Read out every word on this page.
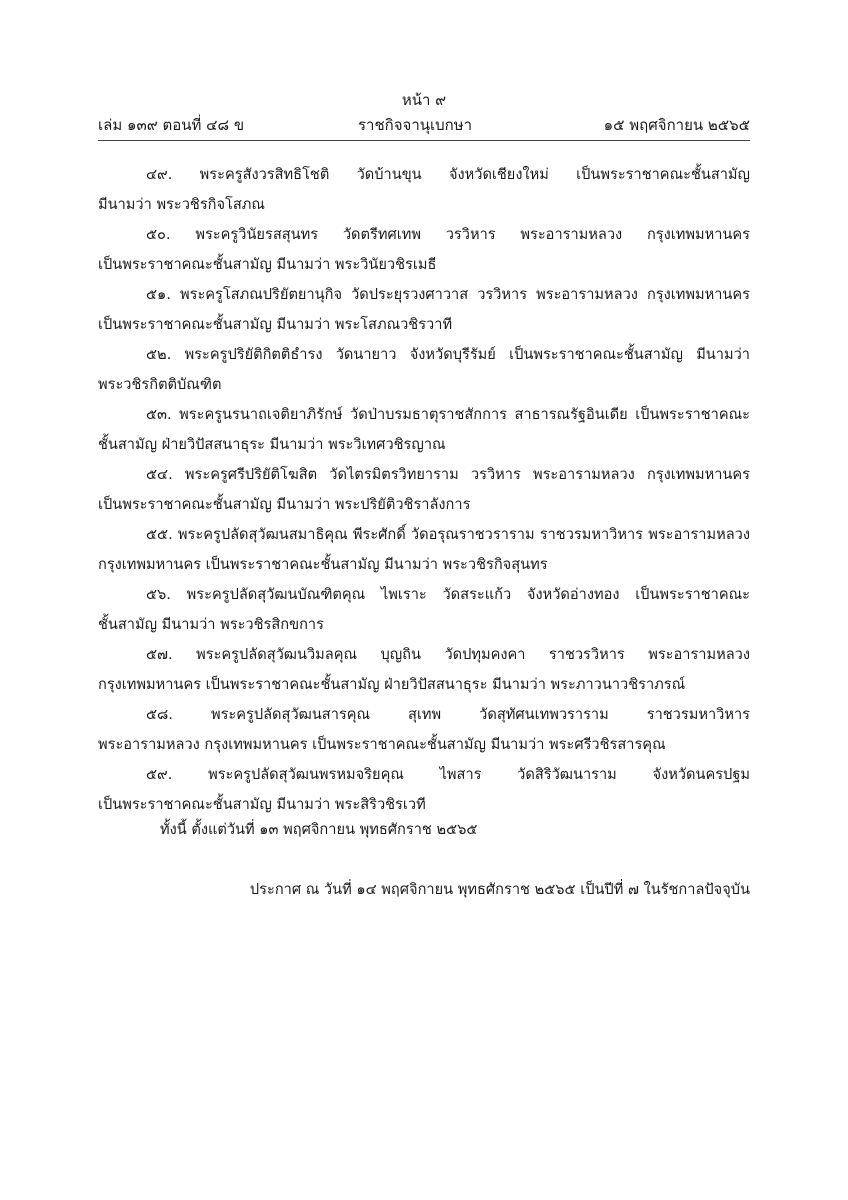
หน้า ๙
เล่ม ๑๓๙ ตอนที่ ๔๘ ข	ราชกิจจานุเบกษา	๑๕ พฤศจิกายน ๒๕๖๕
๔๙. พระครูสังวรสิทธิโชติ วัดบ้านขุน จังหวัดเชียงใหม่ เป็นพระราชาคณะชั้นสามัญ
มีนามว่า พระวชิรกิจโสภณ
๕๐. พระครูวินัยรสสุนทร วัดตรีทศเทพ วรวิหาร พระอารามหลวง กรุงเทพมหานคร
เป็นพระราชาคณะชั้นสามัญ มีนามว่า พระวินัยวชิรเมธี
๕๑. พระครูโสภณปริยัตยานุกิจ วัดประยุรวงศาวาส วรวิหาร พระอารามหลวง กรุงเทพมหานคร
เป็นพระราชาคณะชั้นสามัญ มีนามว่า พระโสภณวชิรวาที
๕๒. พระครูปริยัติกิตติธำรง วัดนายาว จังหวัดบุรีรัมย์ เป็นพระราชาคณะชั้นสามัญ มีนามว่า
พระวชิรกิตติบัณฑิต
๕๓. พระครูนรนาถเจติยาภิรักษ์ วัดป่าบรมธาตุราชสักการ สาธารณรัฐอินเดีย เป็นพระราชาคณะ
ชั้นสามัญ ฝ่ายวิปัสสนาธุระ มีนามว่า พระวิเทศวชิรญาณ
๕๔. พระครูศรีปริยัติโฆสิต วัดไตรมิตรวิทยาราม วรวิหาร พระอารามหลวง กรุงเทพมหานคร
เป็นพระราชาคณะชั้นสามัญ มีนามว่า พระปริยัติวชิราลังการ
๕๕. พระครูปลัดสุวัฒนสมาธิคุณ พีระศักดิ์ วัดอรุณราชวราราม ราชวรมหาวิหาร พระอารามหลวง
กรุงเทพมหานคร เป็นพระราชาคณะชั้นสามัญ มีนามว่า พระวชิรกิจสุนทร
๕๖. พระครูปลัดสุวัฒนบัณฑิตคุณ ไพเราะ วัดสระแก้ว จังหวัดอ่างทอง เป็นพระราชาคณะ
ชั้นสามัญ มีนามว่า พระวชิรสิกขการ
๕๗. พระครูปลัดสุวัฒนวิมลคุณ บุญถิน วัดปทุมคงคา ราชวรวิหาร พระอารามหลวง
กรุงเทพมหานคร เป็นพระราชาคณะชั้นสามัญ ฝ่ายวิปัสสนาธุระ มีนามว่า พระภาวนาวชิราภรณ์
๕๘. พระครูปลัดสุวัฒนสารคุณ สุเทพ วัดสุทัศนเทพวราราม ราชวรมหาวิหาร
พระอารามหลวง กรุงเทพมหานคร เป็นพระราชาคณะชั้นสามัญ มีนามว่า พระศรีวชิรสารคุณ
๕๙. พระครูปลัดสุวัฒนพรหมจริยคุณ ไพสาร วัดสิริวัฒนาราม จังหวัดนครปฐม
เป็นพระราชาคณะชั้นสามัญ มีนามว่า พระสิริวชิรเวที
ทั้งนี้ ตั้งแต่วันที่ ๑๓ พฤศจิกายน พุทธศักราช ๒๕๖๕
ประกาศ ณ วันที่ ๑๔ พฤศจิกายน พุทธศักราช ๒๕๖๕ เป็นปีที่ ๗ ในรัชกาลปัจจุบัน
